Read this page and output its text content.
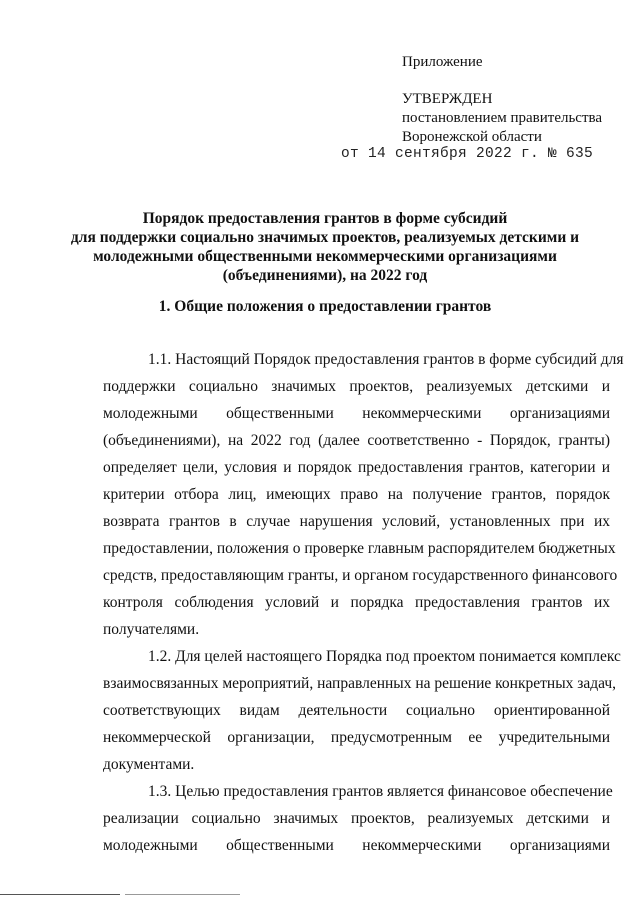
Приложение
УТВЕРЖДЕН
постановлением правительства
Воронежской области
от 14 сентября 2022 г. № 635
Порядок предоставления грантов в форме субсидий
для поддержки социально значимых проектов, реализуемых детскими и
молодежными общественными некоммерческими организациями
(объединениями), на 2022 год
1. Общие положения о предоставлении грантов
1.1. Настоящий Порядок предоставления грантов в форме субсидий для
поддержки социально значимых проектов, реализуемых детскими и
молодежными общественными некоммерческими организациями
(объединениями), на 2022 год (далее соответственно - Порядок, гранты)
определяет цели, условия и порядок предоставления грантов, категории и
критерии отбора лиц, имеющих право на получение грантов, порядок
возврата грантов в случае нарушения условий, установленных при их
предоставлении, положения о проверке главным распорядителем бюджетных
средств, предоставляющим гранты, и органом государственного финансового
контроля соблюдения условий и порядка предоставления грантов их
получателями.
1.2. Для целей настоящего Порядка под проектом понимается комплекс
взаимосвязанных мероприятий, направленных на решение конкретных задач,
соответствующих видам деятельности социально ориентированной
некоммерческой организации, предусмотренным ее учредительными
документами.
1.3. Целью предоставления грантов является финансовое обеспечение
реализации социально значимых проектов, реализуемых детскими и
молодежными общественными некоммерческими организациями
